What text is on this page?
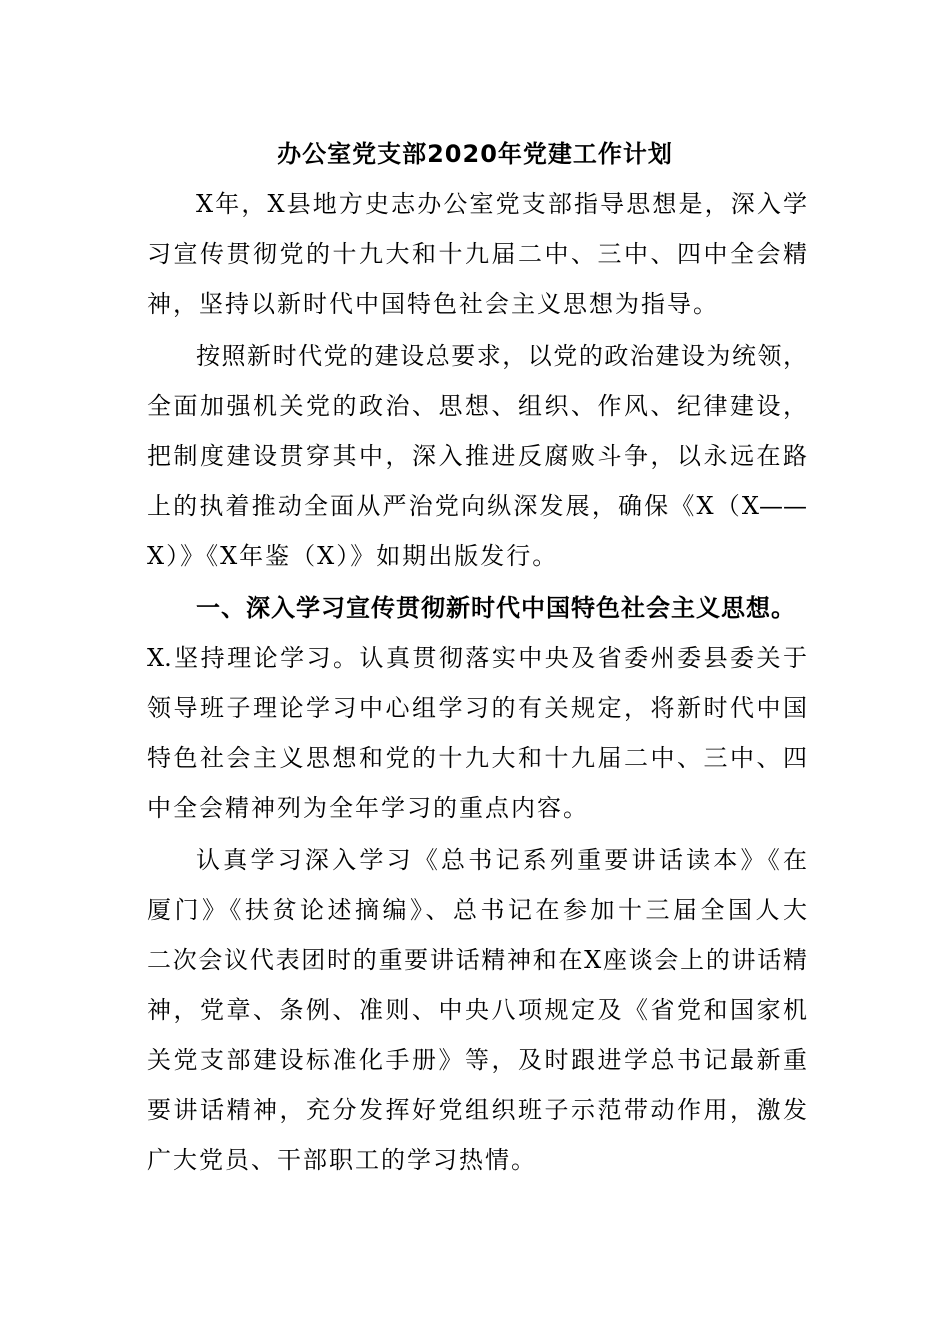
办公室党支部2020年党建工作计划
X年，X县地方史志办公室党支部指导思想是，深入学
习宣传贯彻党的十九大和十九届二中、三中、四中全会精
神，坚持以新时代中国特色社会主义思想为指导。
按照新时代党的建设总要求，以党的政治建设为统领，
全面加强机关党的政治、思想、组织、作风、纪律建设，
把制度建设贯穿其中，深入推进反腐败斗争，以永远在路
上的执着推动全面从严治党向纵深发展，确保《X（X——
X）》《X年鉴（X）》如期出版发行。
一、深入学习宣传贯彻新时代中国特色社会主义思想。
X.坚持理论学习。认真贯彻落实中央及省委州委县委关于
领导班子理论学习中心组学习的有关规定，将新时代中国
特色社会主义思想和党的十九大和十九届二中、三中、四
中全会精神列为全年学习的重点内容。
认真学习深入学习《总书记系列重要讲话读本》《在
厦门》《扶贫论述摘编》、总书记在参加十三届全国人大
二次会议代表团时的重要讲话精神和在X座谈会上的讲话精
神，党章、条例、准则、中央八项规定及《省党和国家机
关党支部建设标准化手册》等，及时跟进学总书记最新重
要讲话精神，充分发挥好党组织班子示范带动作用，激发
广大党员、干部职工的学习热情。
